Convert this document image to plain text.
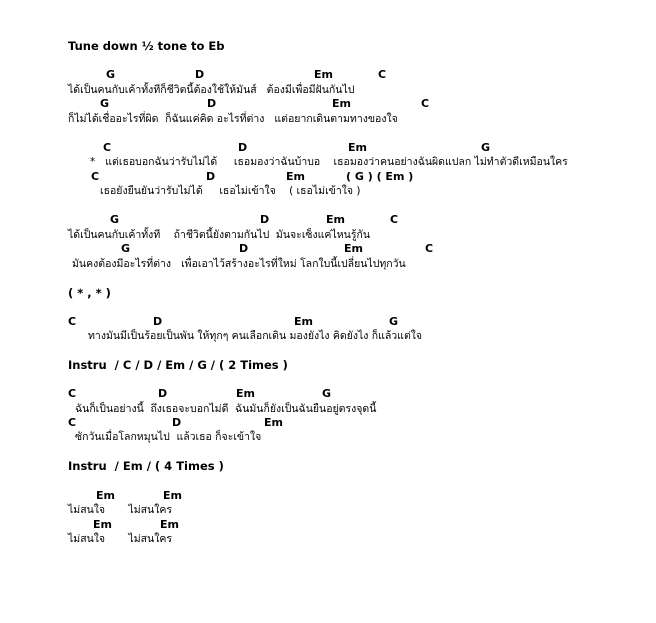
Tune down ½ tone to Eb

G

	D

	Em

	C

ได้เป็นคนกับเค้าทั้งทีก็ชีวิตนี้ต้องใช้ให้มันส์   ต้องมีเพื่อมีฝันกันไป

G

	D

	Em

	C

ก็ไม่ได้เชื่ออะไรที่ผิด  ก็ฉันแค่คิด อะไรที่ต่าง   แต่อยากเดินตามทางของใจ

C

	D

	Em

	G

*   แต่เธอบอกฉันว่ารับไม่ได้     เธอมองว่าฉันบ้าบอ    เธอมองว่าคนอย่างฉันผิดแปลก ไม่ทำตัวดีเหมือนใคร

C

	D

	Em

	( G ) ( Em )

เธอยังยืนยันว่ารับไม่ได้     เธอไม่เข้าใจ    ( เธอไม่เข้าใจ )

G

	D

	Em

	C

ได้เป็นคนกับเค้าทั้งที    ถ้าชีวิตนี้ยังตามกันไป  มันจะเซ็งแค่ไหนรู้กัน

G

	D

	Em

	C

มันคงต้องมีอะไรที่ต่าง   เพื่อเอาไว้สร้างอะไรที่ใหม่ โลกใบนี้เปลี่ยนไปทุกวัน
( * , * )

C

	D

	Em

	G

ทางมันมีเป็นร้อยเป็นพัน ให้ทุกๆ คนเลือกเดิน มองยังไง คิดยังไง ก็แล้วแต่ใจ
Instru  / C / D / Em / G / ( 2 Times )

C

	D

	Em

	G

ฉันก็เป็นอย่างนี้  ถึงเธอจะบอกไม่ดี  ฉันมันก็ยังเป็นฉันยืนอยู่ตรงจุดนี้

C

	D

	Em

ซักวันเมื่อโลกหมุนไป  แล้วเธอ ก็จะเข้าใจ
Instru  / Em / ( 4 Times )

Em

	Em

ไม่สนใจ       ไม่สนใคร

Em

	Em

ไม่สนใจ       ไม่สนใคร
